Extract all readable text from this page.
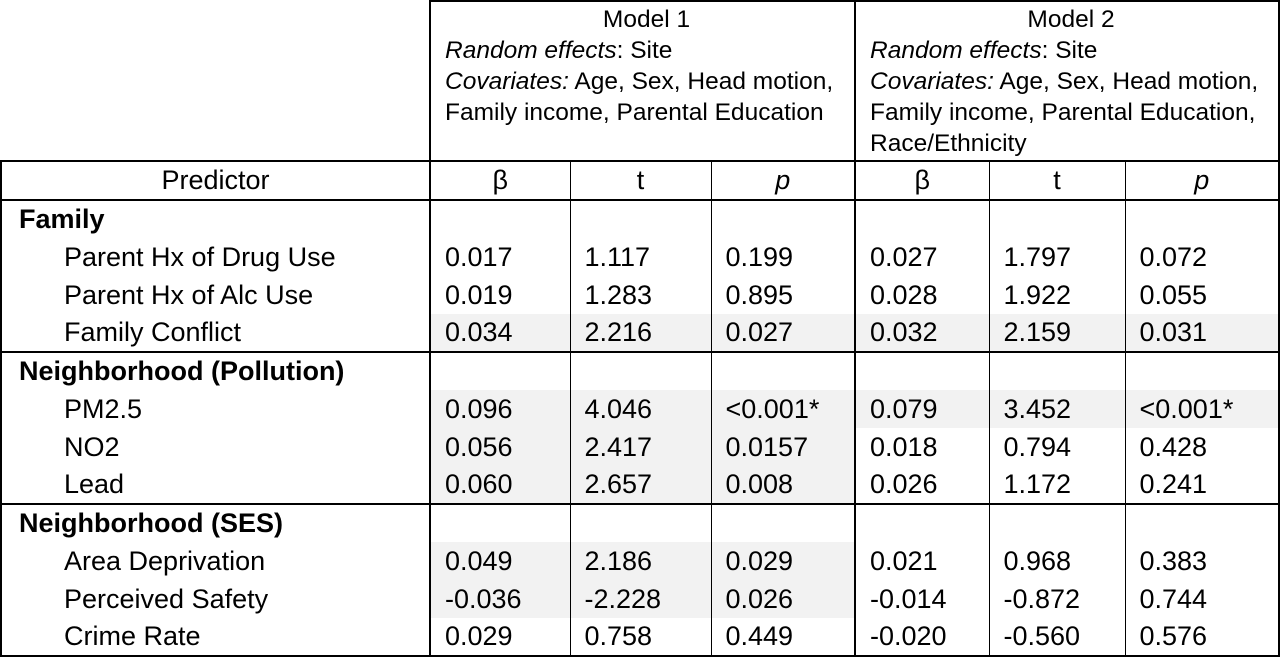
	Model 1
Random effects: Site
Covariates: Age, Sex, Head motion, Family income, Parental Education			Model 2
Random effects: Site
Covariates: Age, Sex, Head motion, Family income, Parental Education, Race/Ethnicity		
Predictor	β	t	p	β	t	p
Family						
Parent Hx of Drug Use	0.017	1.117	0.199	0.027	1.797	0.072
Parent Hx of Alc Use	0.019	1.283	0.895	0.028	1.922	0.055
Family Conflict	0.034	2.216	0.027	0.032	2.159	0.031
Neighborhood (Pollution)						
PM2.5	0.096	4.046	<0.001*	0.079	3.452	<0.001*
NO2	0.056	2.417	0.0157	0.018	0.794	0.428
Lead	0.060	2.657	0.008	0.026	1.172	0.241
Neighborhood (SES)						
Area Deprivation	0.049	2.186	0.029	0.021	0.968	0.383
Perceived Safety	-0.036	-2.228	0.026	-0.014	-0.872	0.744
Crime Rate	0.029	0.758	0.449	-0.020	-0.560	0.576
